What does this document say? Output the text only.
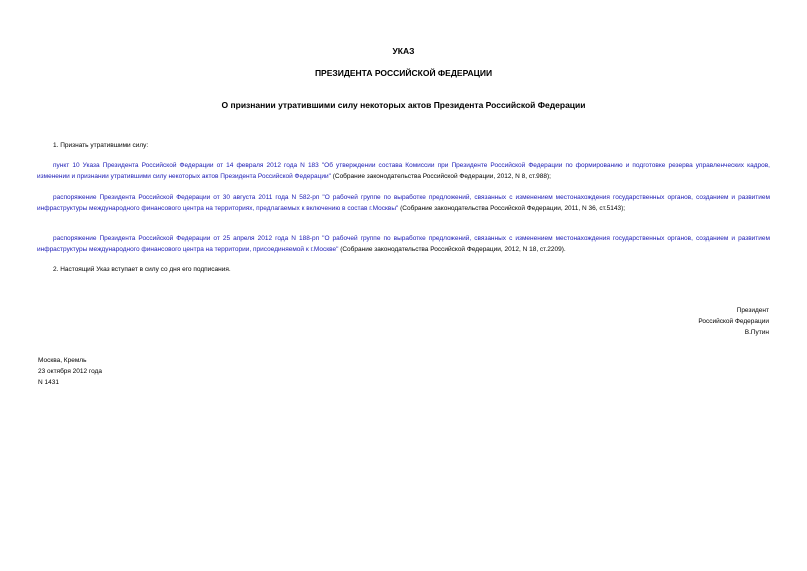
УКАЗ
ПРЕЗИДЕНТА РОССИЙСКОЙ ФЕДЕРАЦИИ
О признании утратившими силу некоторых актов Президента Российской Федерации
1. Признать утратившими силу:
пункт 10 Указа Президента Российской Федерации от 14 февраля 2012 года N 183 "Об утверждении состава Комиссии при Президенте Российской Федерации по формированию и подготовке резерва управленческих кадров, изменении и признании утратившими силу некоторых актов Президента Российской Федерации" (Собрание законодательства Российской Федерации, 2012, N 8, ст.988);
распоряжение Президента Российской Федерации от 30 августа 2011 года N 582-рп "О рабочей группе по выработке предложений, связанных с изменением местонахождения государственных органов, созданием и развитием инфраструктуры международного финансового центра на территориях, предлагаемых к включению в состав г.Москвы" (Собрание законодательства Российской Федерации, 2011, N 36, ст.5143);
распоряжение Президента Российской Федерации от 25 апреля 2012 года N 188-рп "О рабочей группе по выработке предложений, связанных с изменением местонахождения государственных органов, созданием и развитием инфраструктуры международного финансового центра на территории, присоединяемой к г.Москве" (Собрание законодательства Российской Федерации, 2012, N 18, ст.2209).
2. Настоящий Указ вступает в силу со дня его подписания.
Президент
Российской Федерации
В.Путин
Москва, Кремль
23 октября 2012 года
N 1431
